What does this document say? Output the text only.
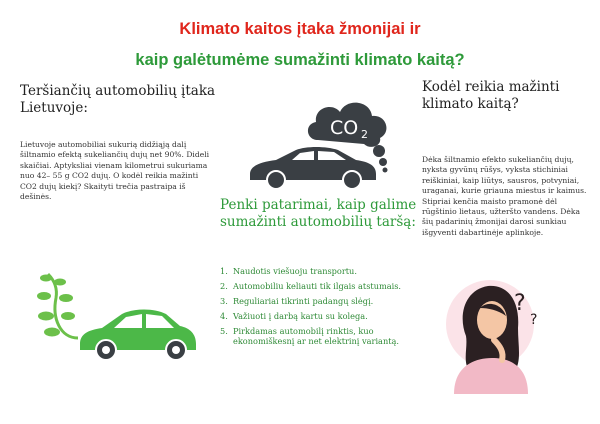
Klimato kaitos įtaka žmonijai ir
kaip galėtumėme sumažinti klimato kaitą?
Teršiančių automobilių įtaka Lietuvoje:
Lietuvoje automobiliai sukurią didžiąją dalį šiltnamio efektą sukeliančių dujų net 90%. Dideli skaičiai. Aptyksliai vienam kilometrui sukuriama nuo 42– 55 g CO2 dujų. O kodėl reikia mažinti CO2 dujų kiekį? Skaityti trečia pastraipa iš dešinės.
Kodėl reikia mažinti klimato kaitą?
Dėka šiltnamio efekto sukeliančių dujų, nyksta gyvūnų rūšys, vyksta stichiniai reiškiniai, kaip liūtys, sausros, potvyniai, uraganai, kurie griauna miestus ir kaimus. Stipriai kenčia maisto pramonė dėl rūgštinio lietaus, užteršto vandens. Dėka šių padarinių žmonijai darosi sunkiau išgyventi dabartinėje aplinkoje.
Penki patarimai, kaip galime sumažinti automobilių taršą:
1. Naudotis viešuoju transportu.
2. Automobiliu keliauti tik ilgais atstumais.
3. Reguliariai tikrinti padangų slėgį.
4. Važiuoti į darbą kartu su kolega.
5. Pirkdamas automobilį rinktis, kuo ekonomiškesnį ar net elektrinį variantą.
CO 2
?
?
